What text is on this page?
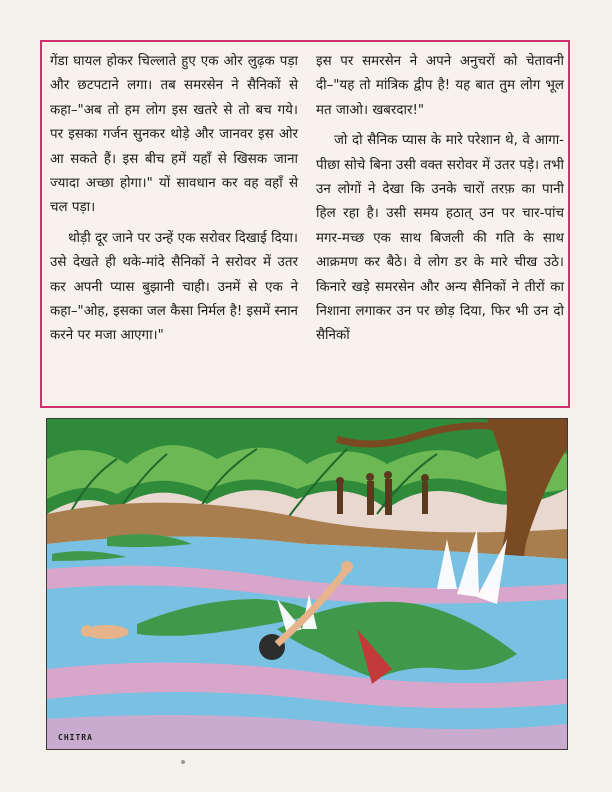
गेंडा घायल होकर चिल्लाते हुए एक ओर लुढ़क पड़ा और छटपटाने लगा। तब समरसेन ने सैनिकों से कहा–"अब तो हम लोग इस खतरे से तो बच गये। पर इसका गर्जन सुनकर थोड़े और जानवर इस ओर आ सकते हैं। इस बीच हमें यहाँ से खिसक जाना ज्यादा अच्छा होगा।" यों सावधान कर वह वहाँ से चल पड़ा।

थोड़ी दूर जाने पर उन्हें एक सरोवर दिखाई दिया। उसे देखते ही थके-मांदे सैनिकों ने सरोवर में उतर कर अपनी प्यास बुझानी चाही। उनमें से एक ने कहा–"ओह, इसका जल कैसा निर्मल है! इसमें स्नान करने पर मजा आएगा।"

इस पर समरसेन ने अपने अनुचरों को चेतावनी दी–"यह तो मांत्रिक द्वीप है! यह बात तुम लोग भूल मत जाओ। खबरदार!"

जो दो सैनिक प्यास के मारे परेशान थे, वे आगा-पीछा सोचे बिना उसी वक्त सरोवर में उतर पड़े। तभी उन लोगों ने देखा कि उनके चारों तरफ़ का पानी हिल रहा है। उसी समय हठात् उन पर चार-पांच मगर-मच्छ एक साथ बिजली की गति के साथ आक्रमण कर बैठे। वे लोग डर के मारे चीख उठे। किनारे खड़े समरसेन और अन्य सैनिकों ने तीरों का निशाना लगाकर उन पर छोड़ दिया, फिर भी उन दो सैनिकों

CHITRA
